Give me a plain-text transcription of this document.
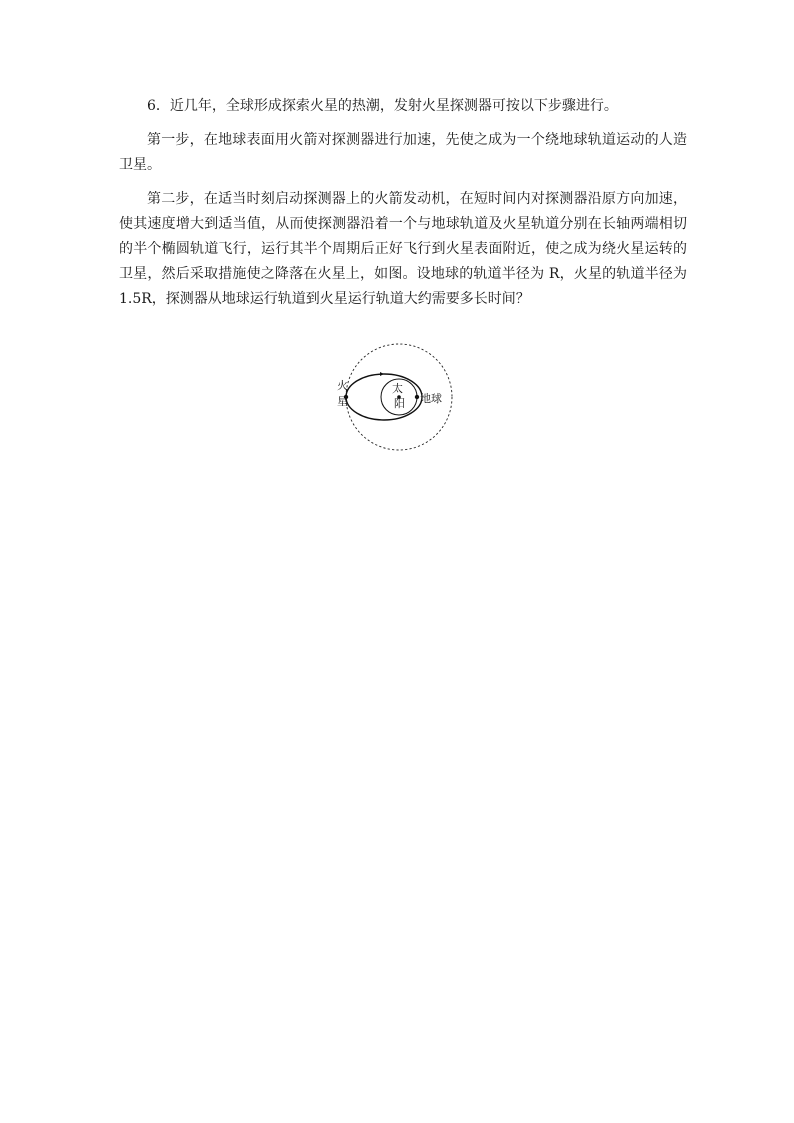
6．近几年，全球形成探索火星的热潮，发射火星探测器可按以下步骤进行。

第一步，在地球表面用火箭对探测器进行加速，先使之成为一个绕地球轨道运动的人造卫星。

第二步，在适当时刻启动探测器上的火箭发动机，在短时间内对探测器沿原方向加速，使其速度增大到适当值，从而使探测器沿着一个与地球轨道及火星轨道分别在长轴两端相切的半个椭圆轨道飞行，运行其半个周期后正好飞行到火星表面附近，使之成为绕火星运转的卫星，然后采取措施使之降落在火星上，如图。设地球的轨道半径为 R，火星的轨道半径为 1.5R，探测器从地球运行轨道到火星运行轨道大约需要多长时间？

火
星
太
阳 地球
